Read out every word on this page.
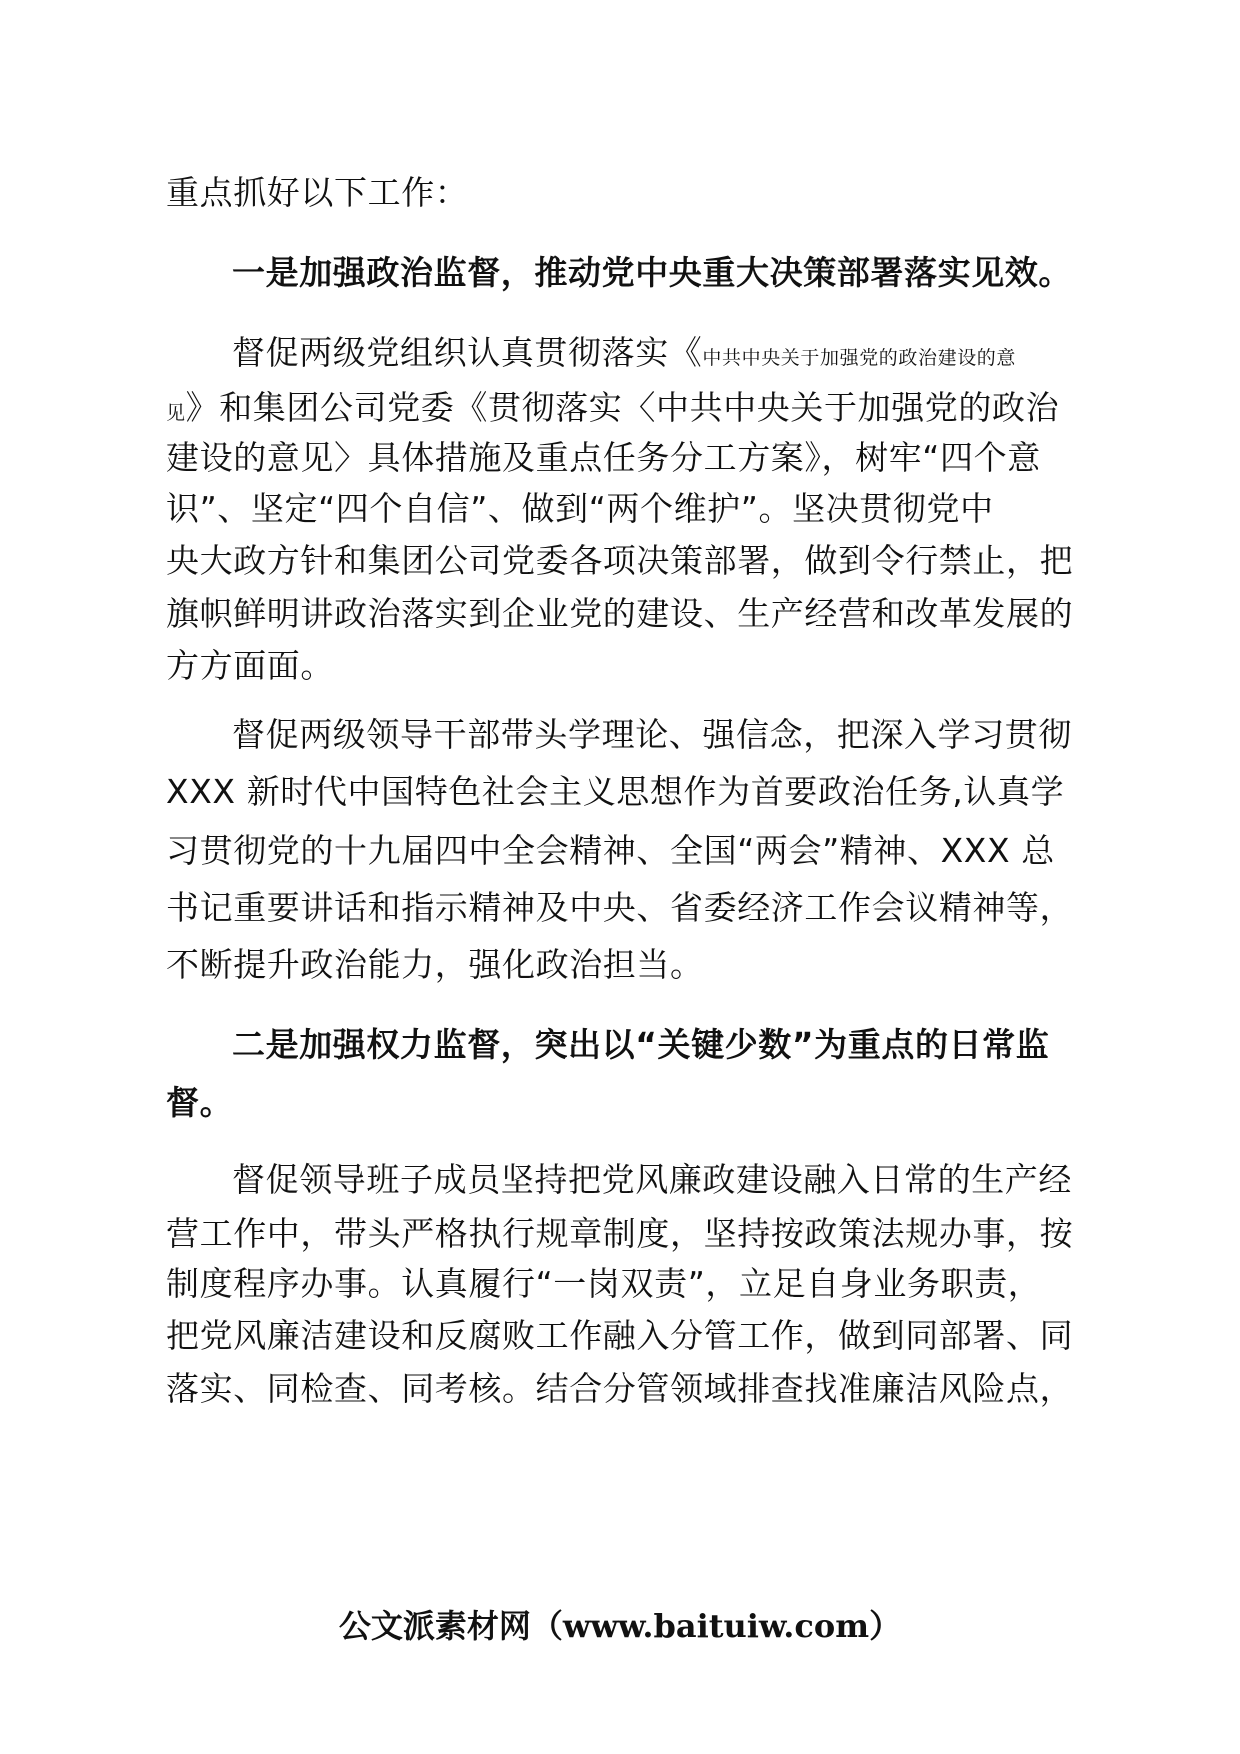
重点抓好以下工作：
一是加强政治监督，推动党中央重大决策部署落实见效。
督促两级党组织认真贯彻落实《中共中央关于加强党的政治建设的意
见》和集团公司党委《贯彻落实〈中共中央关于加强党的政治
建设的意见〉具体措施及重点任务分工方案》，树牢“四个意
识”、坚定“四个自信”、做到“两个维护”。坚决贯彻党中
央大政方针和集团公司党委各项决策部署，做到令行禁止，把
旗帜鲜明讲政治落实到企业党的建设、生产经营和改革发展的
方方面面。
督促两级领导干部带头学理论、强信念，把深入学习贯彻
XXX 新时代中国特色社会主义思想作为首要政治任务,认真学
习贯彻党的十九届四中全会精神、全国“两会”精神、XXX 总
书记重要讲话和指示精神及中央、省委经济工作会议精神等，
不断提升政治能力，强化政治担当。
二是加强权力监督，突出以“关键少数”为重点的日常监
督。
督促领导班子成员坚持把党风廉政建设融入日常的生产经
营工作中，带头严格执行规章制度，坚持按政策法规办事，按
制度程序办事。认真履行“一岗双责”，立足自身业务职责，
把党风廉洁建设和反腐败工作融入分管工作，做到同部署、同
落实、同检查、同考核。结合分管领域排查找准廉洁风险点，
公文派素材网（www.baituiw.com）
